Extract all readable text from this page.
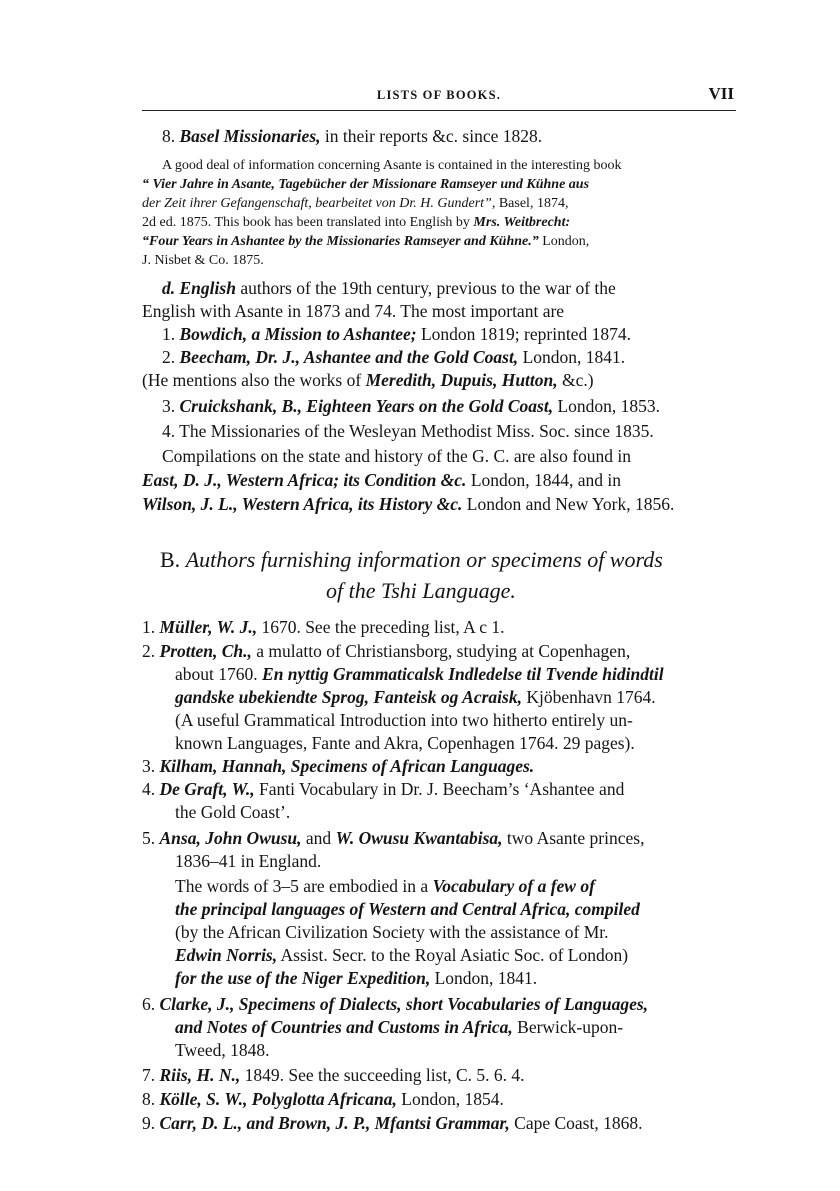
LISTS OF BOOKS.	VII
8. Basel Missionaries, in their reports &c. since 1828.
A good deal of information concerning Asante is contained in the interesting book
“ Vier Jahre in Asante, Tagebücher der Missionare Ramseyer und Kühne aus
der Zeit ihrer Gefangenschaft, bearbeitet von Dr. H. Gundert”, Basel, 1874,
2d ed. 1875. This book has been translated into English by Mrs. Weitbrecht:
“Four Years in Ashantee by the Missionaries Ramseyer and Kühne.” London,
J. Nisbet & Co. 1875.
d. English authors of the 19th century, previous to the war of the
English with Asante in 1873 and 74. The most important are
1. Bowdich, a Mission to Ashantee; London 1819; reprinted 1874.
2. Beecham, Dr. J., Ashantee and the Gold Coast, London, 1841.
(He mentions also the works of Meredith, Dupuis, Hutton, &c.)
3. Cruickshank, B., Eighteen Years on the Gold Coast, London, 1853.
4. The Missionaries of the Wesleyan Methodist Miss. Soc. since 1835.
Compilations on the state and history of the G. C. are also found in
East, D. J., Western Africa; its Condition &c. London, 1844, and in
Wilson, J. L., Western Africa, its History &c. London and New York, 1856.
B. Authors furnishing information or specimens of words
of the Tshi Language.
1. Müller, W. J., 1670. See the preceding list, A c 1.
2. Protten, Ch., a mulatto of Christiansborg, studying at Copenhagen,
about 1760. En nyttig Grammaticalsk Indledelse til Tvende hidindtil
gandske ubekiendte Sprog, Fanteisk og Acraisk, Kjöbenhavn 1764.
(A useful Grammatical Introduction into two hitherto entirely un-
known Languages, Fante and Akra, Copenhagen 1764. 29 pages).
3. Kilham, Hannah, Specimens of African Languages.
4. De Graft, W., Fanti Vocabulary in Dr. J. Beecham’s ‘Ashantee and
the Gold Coast’.
5. Ansa, John Owusu, and W. Owusu Kwantabisa, two Asante princes,
1836–41 in England.
The words of 3–5 are embodied in a Vocabulary of a few of
the principal languages of Western and Central Africa, compiled
(by the African Civilization Society with the assistance of Mr.
Edwin Norris, Assist. Secr. to the Royal Asiatic Soc. of London)
for the use of the Niger Expedition, London, 1841.
6. Clarke, J., Specimens of Dialects, short Vocabularies of Languages,
and Notes of Countries and Customs in Africa, Berwick-upon-
Tweed, 1848.
7. Riis, H. N., 1849. See the succeeding list, C. 5. 6. 4.
8. Kölle, S. W., Polyglotta Africana, London, 1854.
9. Carr, D. L., and Brown, J. P., Mfantsi Grammar, Cape Coast, 1868.
